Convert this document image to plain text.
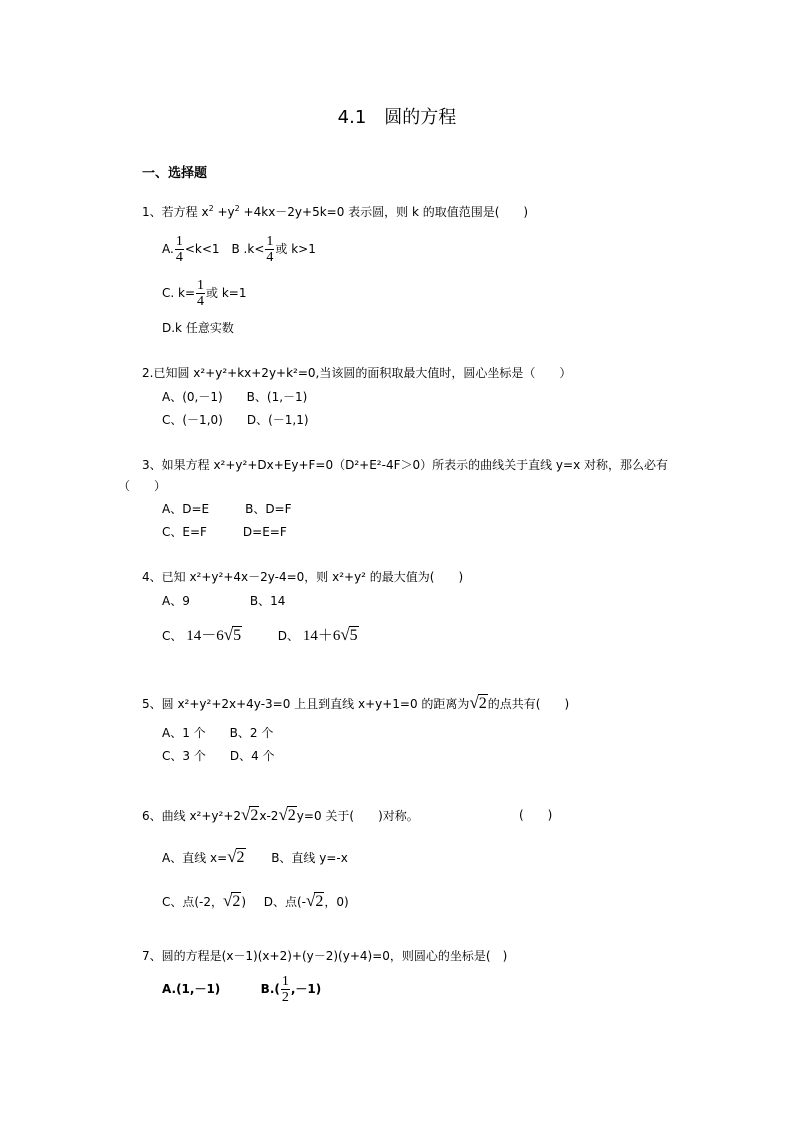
4.1　圆的方程
一、选择题
1、若方程 $x^2 +y^2 +4kx-2y+5k=0$ 表示圆，则 k 的取值范围是(　　)
A. $\frac{1}{4} <k<1$　B $.k< \frac{1}{4}$ 或 k>1
C. $k= \frac{1}{4}$ 或 k=1
D.k 任意实数
2.已知圆 x²+y²+kx+2y+k²=0,当该圆的面积取最大值时，圆心坐标是（　　）
A、(0,－1)　　B、(1,－1)
C、(－1,0)　　D、(－1,1)
3、如果方程 x²+y²+Dx+Ey+F=0（D²+E²-4F＞0）所表示的曲线关于直线 y=x 对称，那么必有
（　　）
A、D=E　　　B、D=F
C、E=F　　　D=E=F
4、已知 x²+y²+4x－2y-4=0，则 x²+y² 的最大值为(　　)
A、9　　　　　B、14
C、 14－6√5	D、 14＋6√5
5、圆 x²+y²+2x+4y-3=0 上且到直线 x+y+1=0 的距离为√2的点共有(　　)
A、1 个　　B、2 个
C、3 个　　D、4 个
6、曲线 x²+y²+2√2x-2√2y=0 关于(　　)对称。	(　　)
A、直线 x=√2 B、直线 y=-x
C、点(-2，√2) D、点(-√2，0)
7、圆的方程是(x－1)(x+2)+(y－2)(y+4)=0，则圆心的坐标是(　)
A.(1,－1)	$B.( \frac{1}{2} ,-1)$
